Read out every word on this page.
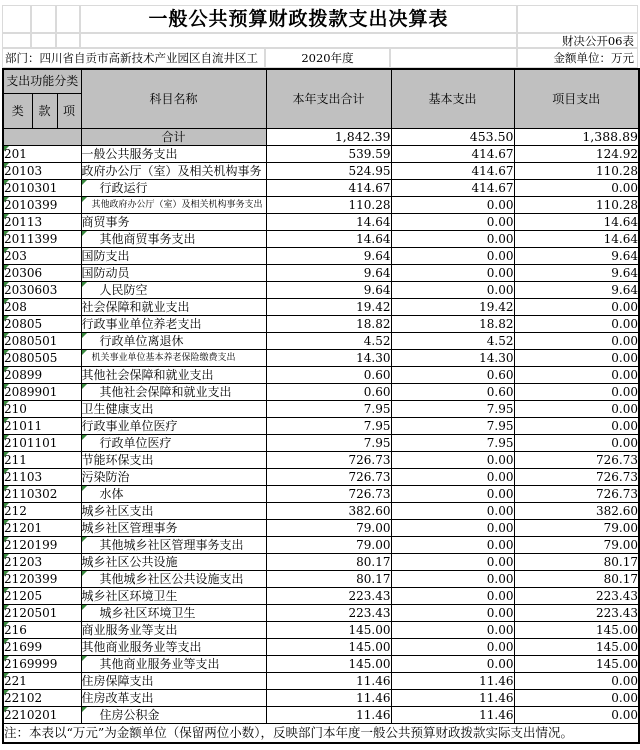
一般公共预算财政拨款支出决算表
财决公开06表
部门：四川省自贡市高新技术产业园区自流井区工	2020年度	金额单位：万元
支出功能分类			科目名称	本年支出合计	基本支出	项目支出
类	款	项				
			合计	1,842.39	453.50	1,388.89

201			一般公共服务支出	539.59	414.67	124.92

20103			政府办公厅（室）及相关机构事务	524.95	414.67	110.28

2010301			行政运行	414.67	414.67	0.00

2010399			其他政府办公厅（室）及相关机构事务支出	110.28	0.00	110.28

20113			商贸事务	14.64	0.00	14.64

2011399			其他商贸事务支出	14.64	0.00	14.64

203			国防支出	9.64	0.00	9.64

20306			国防动员	9.64	0.00	9.64

2030603			人民防空	9.64	0.00	9.64

208			社会保障和就业支出	19.42	19.42	0.00

20805			行政事业单位养老支出	18.82	18.82	0.00

2080501			行政单位离退休	4.52	4.52	0.00

2080505			机关事业单位基本养老保险缴费支出	14.30	14.30	0.00

20899			其他社会保障和就业支出	0.60	0.60	0.00

2089901			其他社会保障和就业支出	0.60	0.60	0.00

210			卫生健康支出	7.95	7.95	0.00

21011			行政事业单位医疗	7.95	7.95	0.00

2101101			行政单位医疗	7.95	7.95	0.00

211			节能环保支出	726.73	0.00	726.73

21103			污染防治	726.73	0.00	726.73

2110302			水体	726.73	0.00	726.73

212			城乡社区支出	382.60	0.00	382.60

21201			城乡社区管理事务	79.00	0.00	79.00

2120199			其他城乡社区管理事务支出	79.00	0.00	79.00

21203			城乡社区公共设施	80.17	0.00	80.17

2120399			其他城乡社区公共设施支出	80.17	0.00	80.17

21205			城乡社区环境卫生	223.43	0.00	223.43

2120501			城乡社区环境卫生	223.43	0.00	223.43

216			商业服务业等支出	145.00	0.00	145.00

21699			其他商业服务业等支出	145.00	0.00	145.00

2169999			其他商业服务业等支出	145.00	0.00	145.00

221			住房保障支出	11.46	11.46	0.00

22102			住房改革支出	11.46	11.46	0.00

2210201			住房公积金	11.46	11.46	0.00
注：本表以“万元”为金额单位（保留两位小数），反映部门本年度一般公共预算财政拨款实际支出情况。						
